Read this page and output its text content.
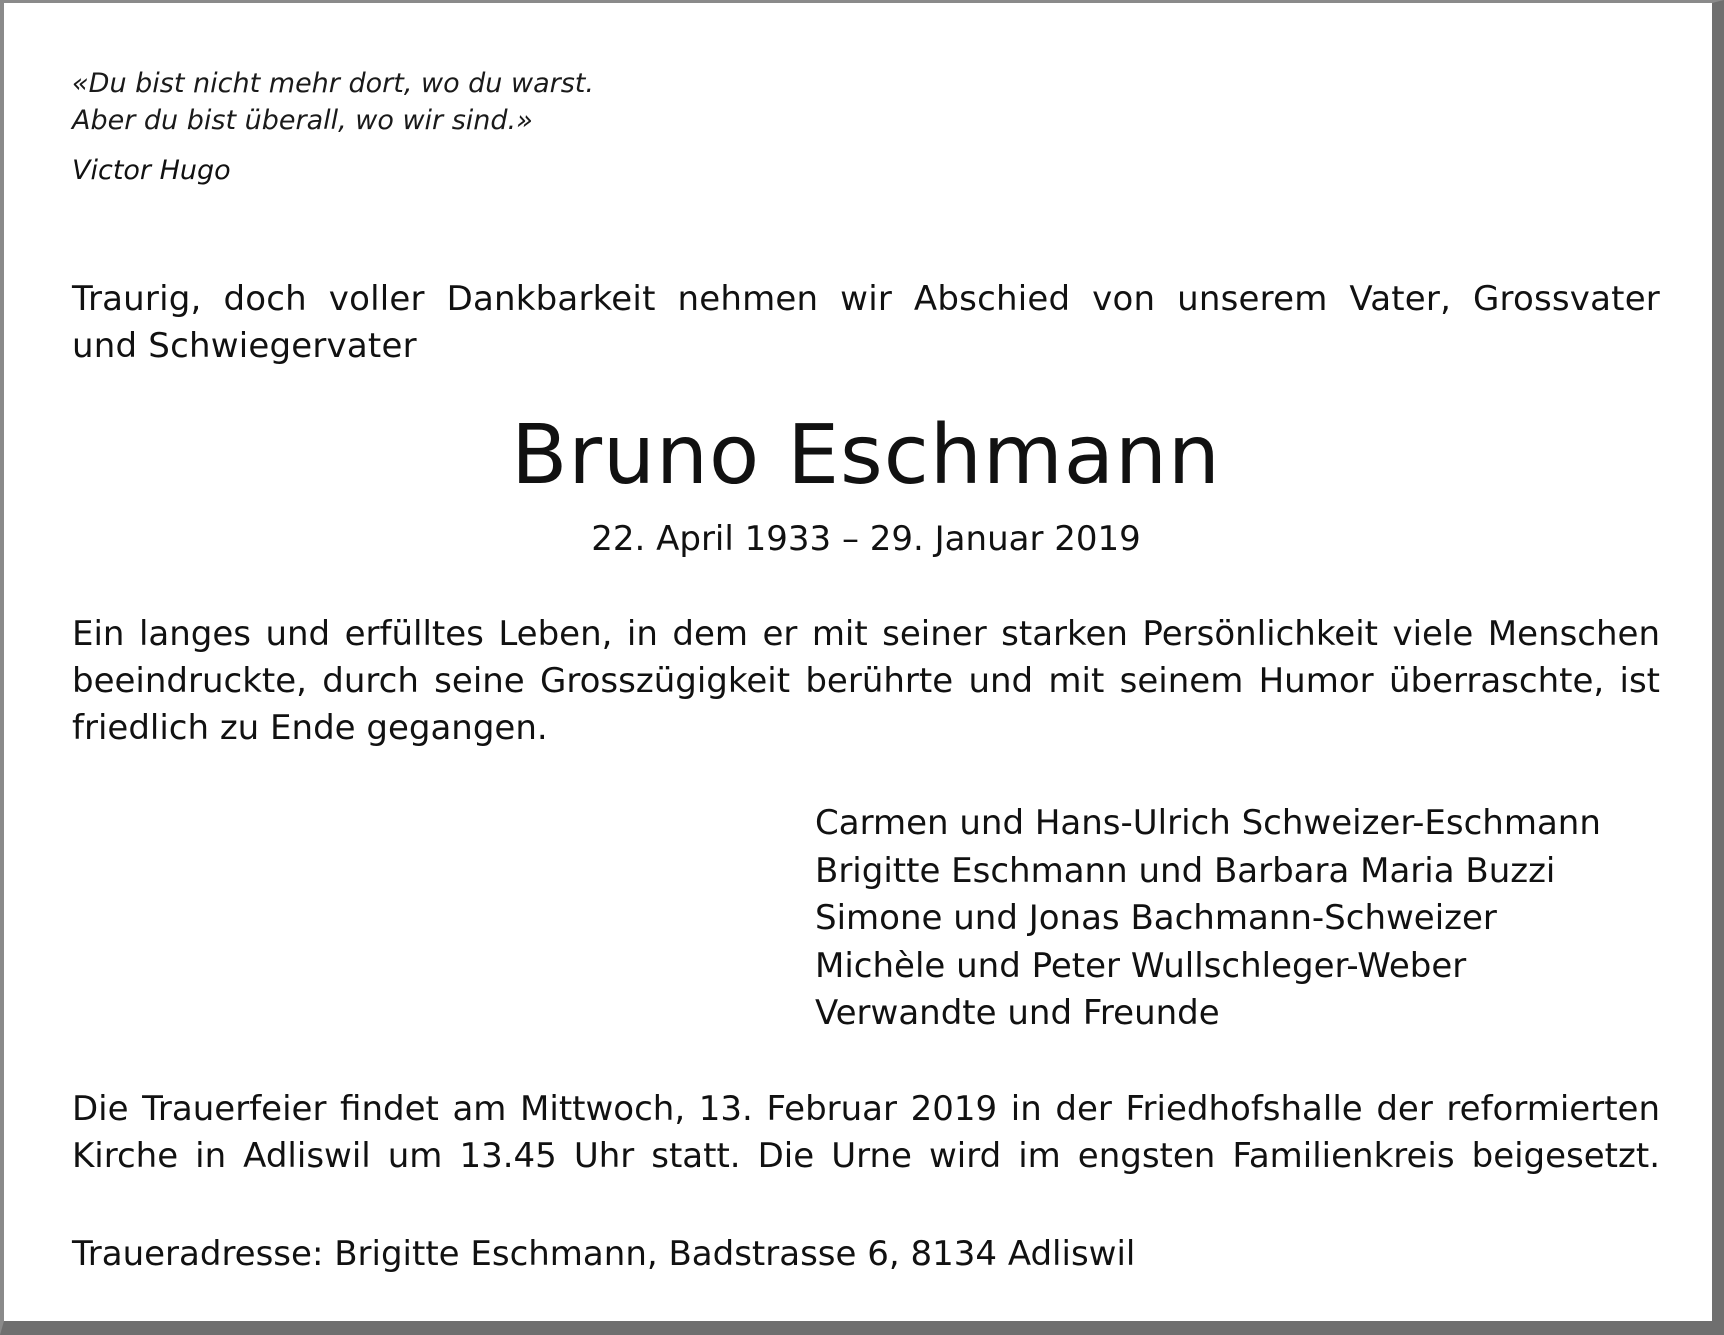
«Du bist nicht mehr dort, wo du warst.
Aber du bist überall, wo wir sind.»
Victor Hugo
Traurig, doch voller Dankbarkeit nehmen wir Abschied von unserem Vater, Grossvater
und Schwiegervater
Bruno Eschmann
22. April 1933 – 29. Januar 2019
Ein langes und erfülltes Leben, in dem er mit seiner starken Persönlichkeit viele Menschen
beeindruckte, durch seine Grosszügigkeit berührte und mit seinem Humor überraschte, ist
friedlich zu Ende gegangen.
Carmen und Hans-Ulrich Schweizer-Eschmann
Brigitte Eschmann und Barbara Maria Buzzi
Simone und Jonas Bachmann-Schweizer
Michèle und Peter Wullschleger-Weber
Verwandte und Freunde
Die Trauerfeier findet am Mittwoch, 13. Februar 2019 in der Friedhofshalle der reformierten
Kirche in Adliswil um 13.45 Uhr statt. Die Urne wird im engsten Familienkreis beigesetzt.
Traueradresse: Brigitte Eschmann, Badstrasse 6, 8134 Adliswil
